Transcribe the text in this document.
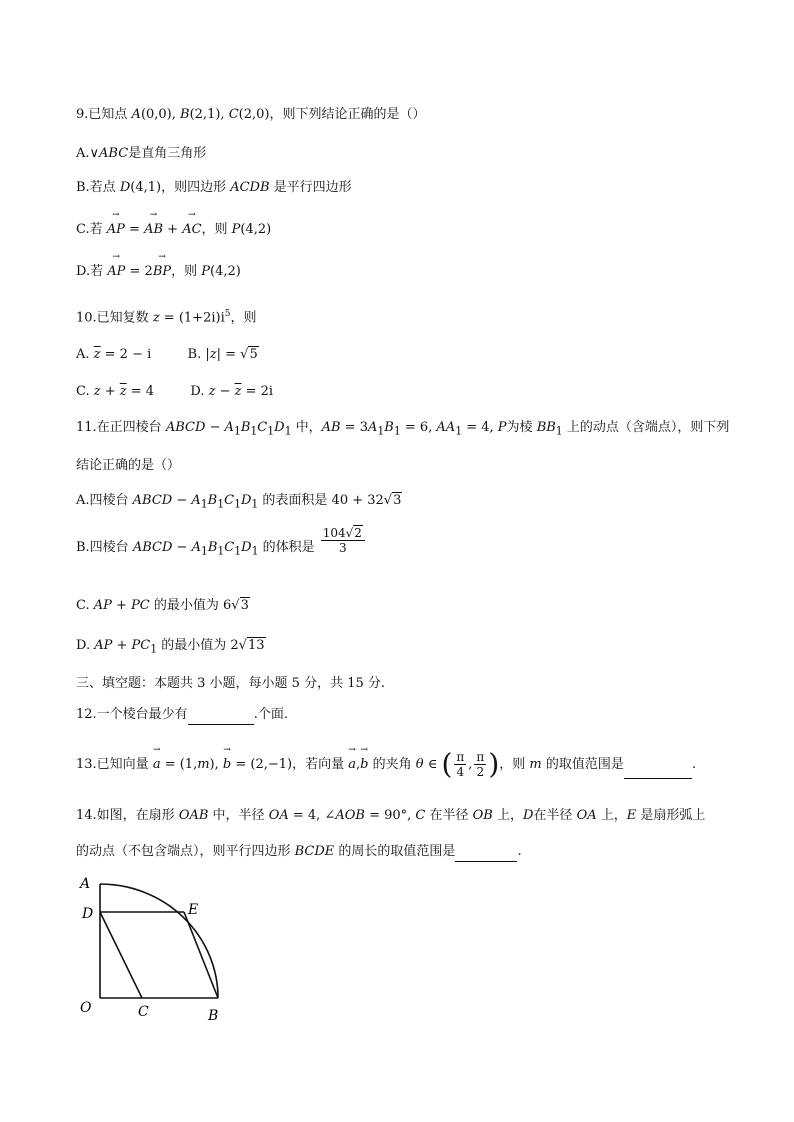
9.已知点 A(0,0), B(2,1), C(2,0)，则下列结论正确的是（）
A.∨ABC是直角三角形
B.若点 D(4,1)，则四边形 ACDB 是平行四边形
C.若 → AP = → AB + → AC，则 P(4,2)
D.若 → AP = 2→ BP，则 P(4,2)
10.已知复数 $z = (1+2i)i^5$，则
A. $\overline{z} = 2 - i$	B. |z| = √5
C. $z + \overline{z} = 4$	D. $z - \overline{z} = 2i$
11.在正四棱台 ABCD − $A_1B_1C_1D_1$ 中，AB = $3A_1B_1 = 6$, $AA_1 = 4$, P为棱 $BB_1$ 上的动点（含端点），则下列
结论正确的是（）
A.四棱台 ABCD − $A_1B_1C_1D_1$ 的表面积是 40 + 32√3
B.四棱台 ABCD − $A_1B_1C_1D_1$ 的体积是 $\frac{104√2}{3}$
C. AP + PC 的最小值为 6√3
D. AP + $PC_1$ 的最小值为 2√13
三、填空题：本题共 3 小题，每小题 5 分，共 15 分.
12.一个棱台最少有	.个面.
13.已知向量 → a = (1,m), → b = (2,−1)，若向量 → a,→ b 的夹角 θ ∈ ( $\frac{\pi}{4}$ , $\frac{\pi}{2}$ )，则 m 的取值范围是	.
14.如图，在扇形 OAB 中，半径 OA = 4, ∠AOB = 90°, C 在半径 OB 上，D在半径 OA 上，E 是扇形弧上
的动点（不包含端点），则平行四边形 BCDE 的周长的取值范围是	.
A
D	E
O	C	B
